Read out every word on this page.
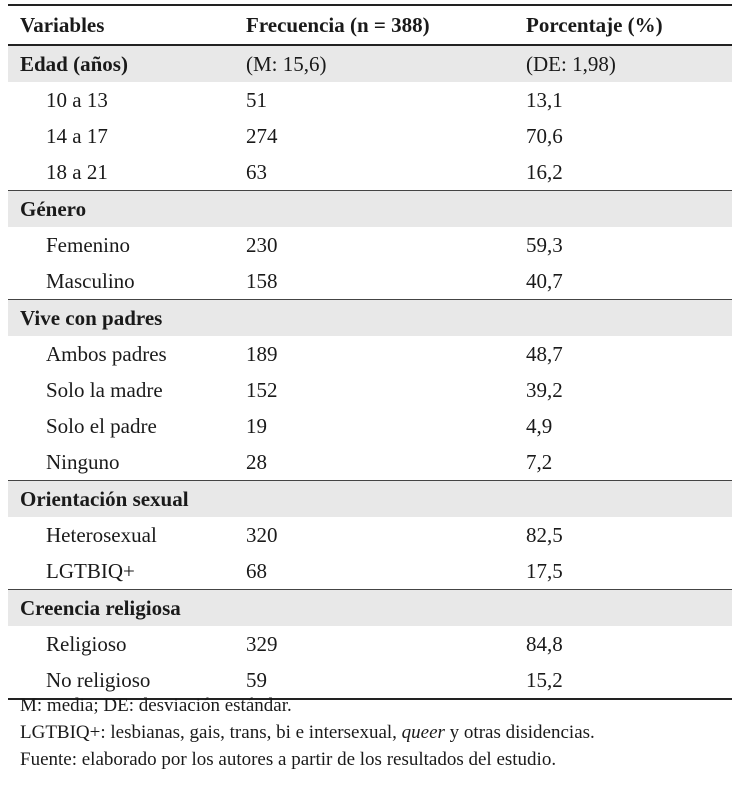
Variables	Frecuencia (n = 388)	Porcentaje (%)
Edad (años)	(M: 15,6)	(DE: 1,98)
10 a 13	51	13,1
14 a 17	274	70,6
18 a 21	63	16,2
Género		
Femenino	230	59,3
Masculino	158	40,7
Vive con padres		
Ambos padres	189	48,7
Solo la madre	152	39,2
Solo el padre	19	4,9
Ninguno	28	7,2
Orientación sexual		
Heterosexual	320	82,5
LGTBIQ+	68	17,5
Creencia religiosa		
Religioso	329	84,8
No religioso	59	15,2
M: media; DE: desviación estándar.
LGTBIQ+: lesbianas, gais, trans, bi e intersexual, queer y otras disidencias.
Fuente: elaborado por los autores a partir de los resultados del estudio.
